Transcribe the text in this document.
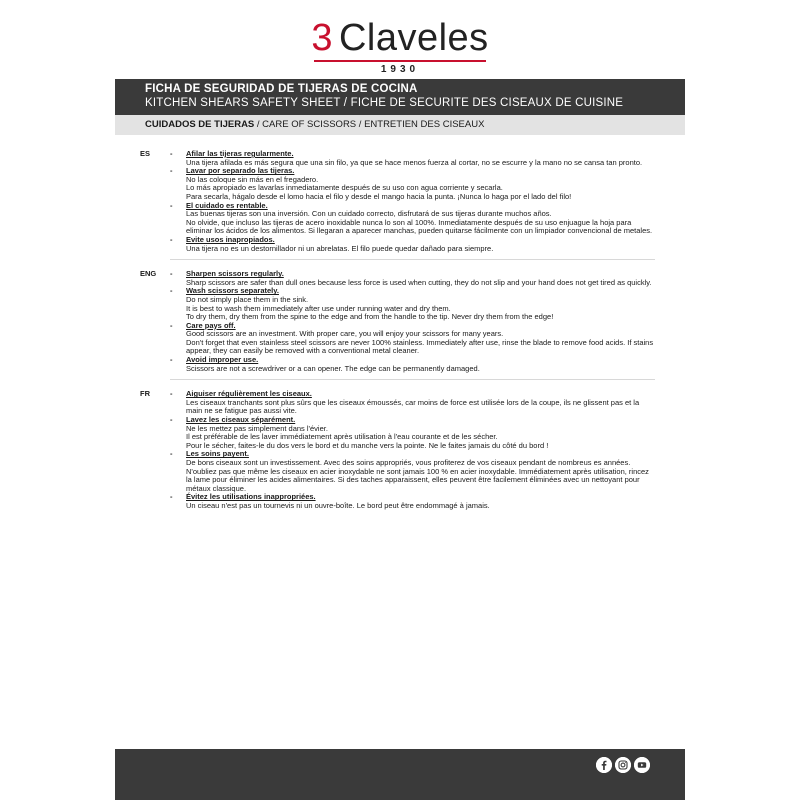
3 Claveles
1930
FICHA DE SEGURIDAD DE TIJERAS DE COCINA
KITCHEN SHEARS SAFETY SHEET / FICHE DE SECURITE DES CISEAUX DE CUISINE
CUIDADOS DE TIJERAS / CARE OF SCISSORS / ENTRETIEN DES CISEAUX
ES	-	Afilar las tijeras regularmente.
Una tijera afilada es más segura que una sin filo, ya que se hace menos fuerza al cortar, no se escurre y la mano no se cansa tan pronto.
-	Lavar por separado las tijeras.
No las coloque sin más en el fregadero.
Lo más apropiado es lavarlas inmediatamente después de su uso con agua corriente y secarla.
Para secarla, hágalo desde el lomo hacia el filo y desde el mango hacia la punta. ¡Nunca lo haga por el lado del filo!
-	El cuidado es rentable.
Las buenas tijeras son una inversión. Con un cuidado correcto, disfrutará de sus tijeras durante muchos años.
No olvide, que incluso las tijeras de acero inoxidable nunca lo son al 100%. Inmediatamente después de su uso enjuague la hoja para eliminar los ácidos de los alimentos. Si llegaran a aparecer manchas, pueden quitarse fácilmente con un limpiador convencional de metales.
-	Evite usos inapropiados.
Una tijera no es un destornillador ni un abrelatas. El filo puede quedar dañado para siempre.
ENG	-	Sharpen scissors regularly.
Sharp scissors are safer than dull ones because less force is used when cutting, they do not slip and your hand does not get tired as quickly.
-	Wash scissors separately.
Do not simply place them in the sink.
It is best to wash them immediately after use under running water and dry them.
To dry them, dry them from the spine to the edge and from the handle to the tip. Never dry them from the edge!
-	Care pays off.
Good scissors are an investment. With proper care, you will enjoy your scissors for many years.
Don't forget that even stainless steel scissors are never 100% stainless. Immediately after use, rinse the blade to remove food acids. If stains appear, they can easily be removed with a conventional metal cleaner.
-	Avoid improper use.
Scissors are not a screwdriver or a can opener. The edge can be permanently damaged.
FR	-	Aiguiser régulièrement les ciseaux.
Les ciseaux tranchants sont plus sûrs que les ciseaux émoussés, car moins de force est utilisée lors de la coupe, ils ne glissent pas et la main ne se fatigue pas aussi vite.
-	Lavez les ciseaux séparément.
Ne les mettez pas simplement dans l'évier.
Il est préférable de les laver immédiatement après utilisation à l'eau courante et de les sécher.
Pour le sécher, faites-le du dos vers le bord et du manche vers la pointe. Ne le faites jamais du côté du bord !
-	Les soins payent.
De bons ciseaux sont un investissement. Avec des soins appropriés, vous profiterez de vos ciseaux pendant de nombreus es années.
N'oubliez pas que même les ciseaux en acier inoxydable ne sont jamais 100 % en acier inoxydable. Immédiatement après utilisation, rincez la lame pour éliminer les acides alimentaires. Si des taches apparaissent, elles peuvent être facilement éliminées avec un nettoyant pour métaux classique.
-	Évitez les utilisations inappropriées.
Un ciseau n'est pas un tournevis ni un ouvre-boîte. Le bord peut être endommagé à jamais.
